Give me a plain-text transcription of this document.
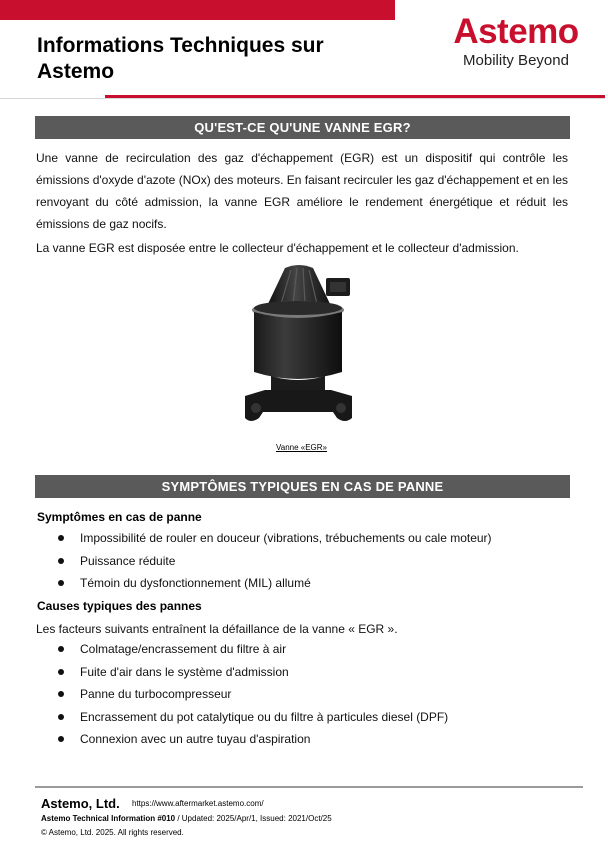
Informations Techniques sur
Astemo
Astemo
Mobility Beyond
QU'EST-CE QU'UNE VANNE EGR?
Une vanne de recirculation des gaz d'échappement (EGR) est un dispositif qui contrôle les émissions d'oxyde d'azote (NOx) des moteurs. En faisant recirculer les gaz d'échappement et en les renvoyant du côté admission, la vanne EGR améliore le rendement énergétique et réduit les émissions de gaz nocifs.
La vanne EGR est disposée entre le collecteur d'échappement et le collecteur d'admission.
Vanne «EGR»
SYMPTÔMES TYPIQUES EN CAS DE PANNE
Symptômes en cas de panne
Impossibilité de rouler en douceur (vibrations, trébuchements ou cale moteur)
Puissance réduite
Témoin du dysfonctionnement (MIL) allumé
Causes typiques des pannes
Les facteurs suivants entraînent la défaillance de la vanne « EGR ».
Colmatage/encrassement du filtre à air
Fuite d'air dans le système d'admission
Panne du turbocompresseur
Encrassement du pot catalytique ou du filtre à particules diesel (DPF)
Connexion avec un autre tuyau d'aspiration
Astemo, Ltd. https://www.aftermarket.astemo.com/
Astemo Technical Information #010 / Updated: 2025/Apr/1, Issued: 2021/Oct/25
© Astemo, Ltd. 2025. All rights reserved.
